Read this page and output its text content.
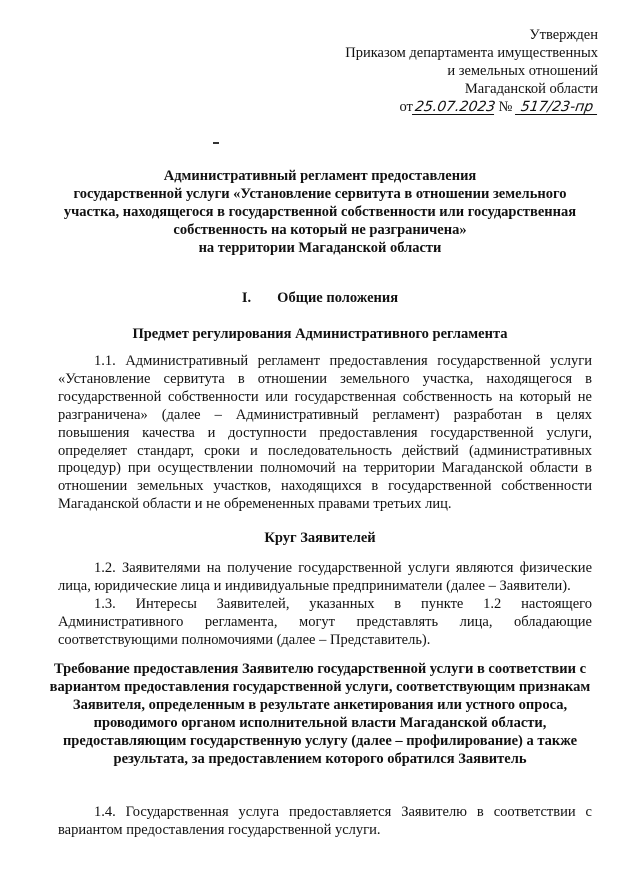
Утвержден
Приказом департамента имущественных
и земельных отношений
Магаданской области
от25.07.2023 № 517/23-пр
Административный регламент предоставления
государственной услуги «Установление сервитута в отношении земельного
участка, находящегося в государственной собственности или государственная
собственность на который не разграничена»
на территории Магаданской области
I. Общие положения
Предмет регулирования Административного регламента
1.1. Административный регламент предоставления государственной услуги «Установление сервитута в отношении земельного участка, находящегося в государственной собственности или государственная собственность на который не разграничена» (далее – Административный регламент) разработан в целях повышения качества и доступности предоставления государственной услуги, определяет стандарт, сроки и последовательность действий (административных процедур) при осуществлении полномочий на территории Магаданской области в отношении земельных участков, находящихся в государственной собственности Магаданской области и не обремененных правами третьих лиц.
Круг Заявителей
1.2. Заявителями на получение государственной услуги являются физические лица, юридические лица и индивидуальные предприниматели (далее – Заявители).
1.3. Интересы Заявителей, указанных в пункте 1.2 настоящего Административного регламента, могут представлять лица, обладающие соответствующими полномочиями (далее – Представитель).
Требование предоставления Заявителю государственной услуги в соответствии с вариантом предоставления государственной услуги, соответствующим признакам Заявителя, определенным в результате анкетирования или устного опроса, проводимого органом исполнительной власти Магаданской области, предоставляющим государственную услугу (далее – профилирование) а также результата, за предоставлением которого обратился Заявитель
1.4. Государственная услуга предоставляется Заявителю в соответствии с вариантом предоставления государственной услуги.
